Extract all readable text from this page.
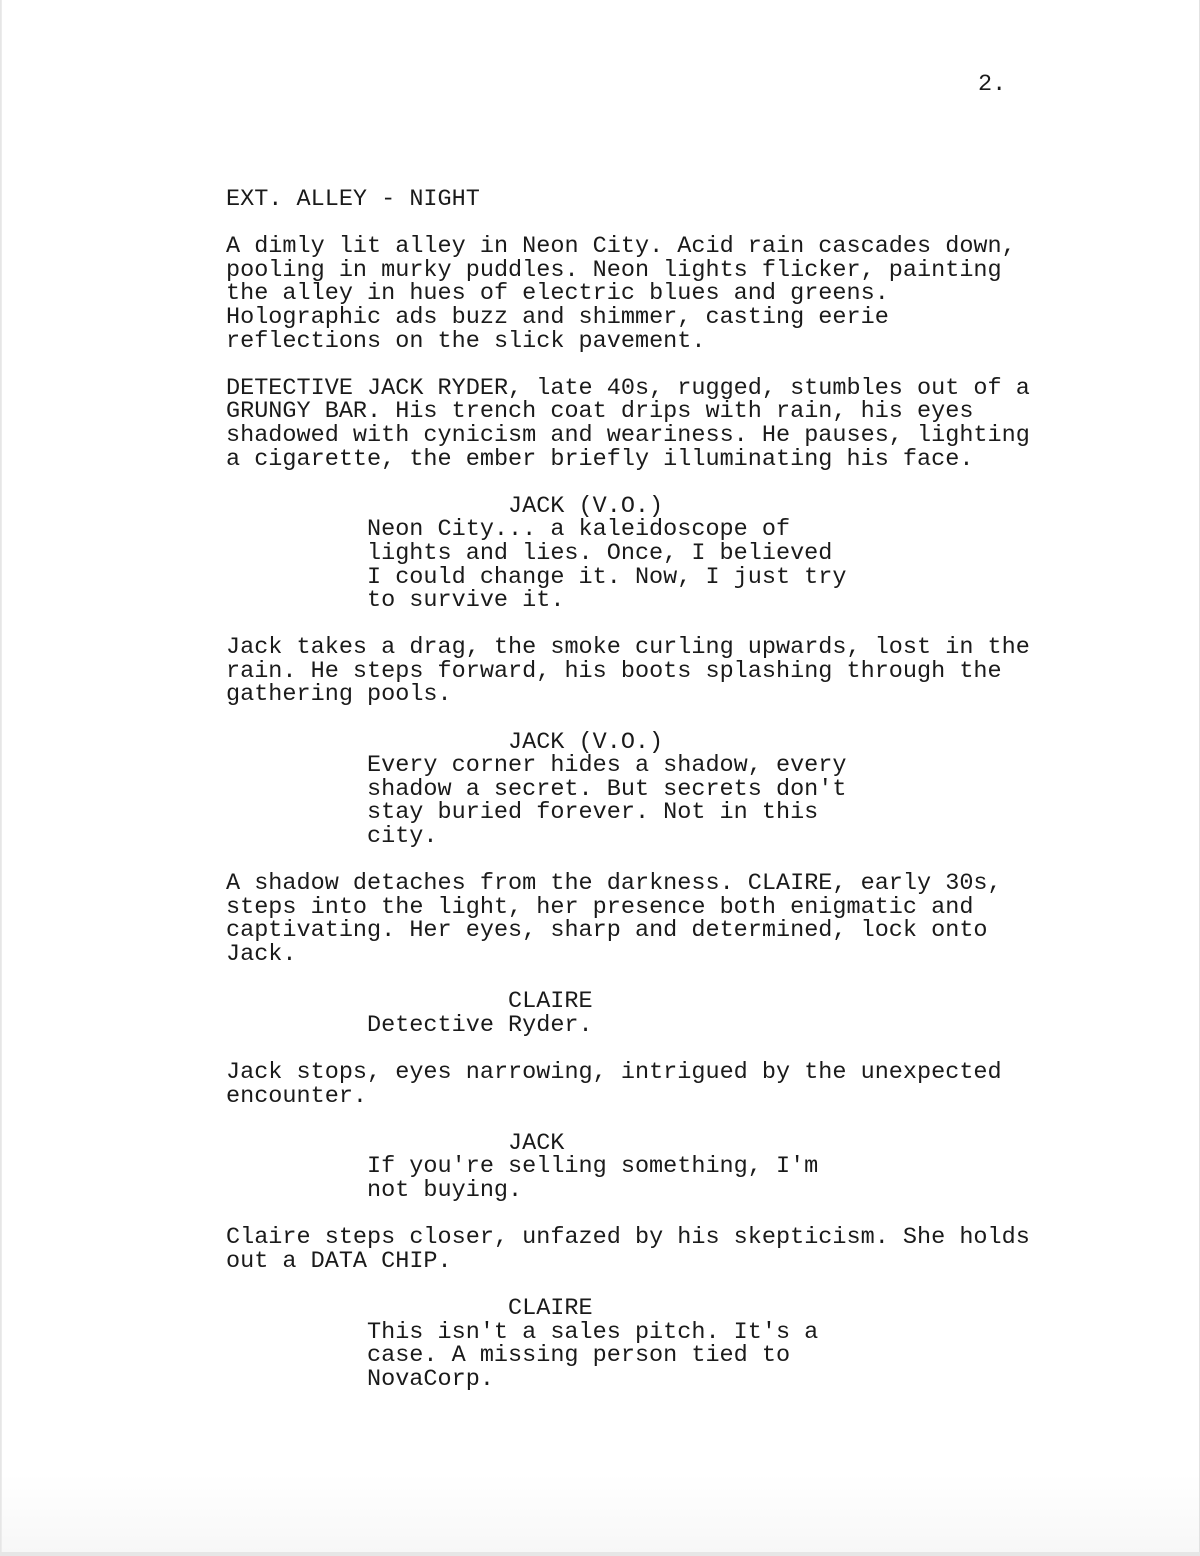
2.
EXT. ALLEY - NIGHT
A dimly lit alley in Neon City. Acid rain cascades down,
pooling in murky puddles. Neon lights flicker, painting
the alley in hues of electric blues and greens.
Holographic ads buzz and shimmer, casting eerie
reflections on the slick pavement.
DETECTIVE JACK RYDER, late 40s, rugged, stumbles out of a
GRUNGY BAR. His trench coat drips with rain, his eyes
shadowed with cynicism and weariness. He pauses, lighting
a cigarette, the ember briefly illuminating his face.
JACK (V.O.)
Neon City... a kaleidoscope of
lights and lies. Once, I believed
I could change it. Now, I just try
to survive it.
Jack takes a drag, the smoke curling upwards, lost in the
rain. He steps forward, his boots splashing through the
gathering pools.
JACK (V.O.)
Every corner hides a shadow, every
shadow a secret. But secrets don't
stay buried forever. Not in this
city.
A shadow detaches from the darkness. CLAIRE, early 30s,
steps into the light, her presence both enigmatic and
captivating. Her eyes, sharp and determined, lock onto
Jack.
CLAIRE
Detective Ryder.
Jack stops, eyes narrowing, intrigued by the unexpected
encounter.
JACK
If you're selling something, I'm
not buying.
Claire steps closer, unfazed by his skepticism. She holds
out a DATA CHIP.
CLAIRE
This isn't a sales pitch. It's a
case. A missing person tied to
NovaCorp.
